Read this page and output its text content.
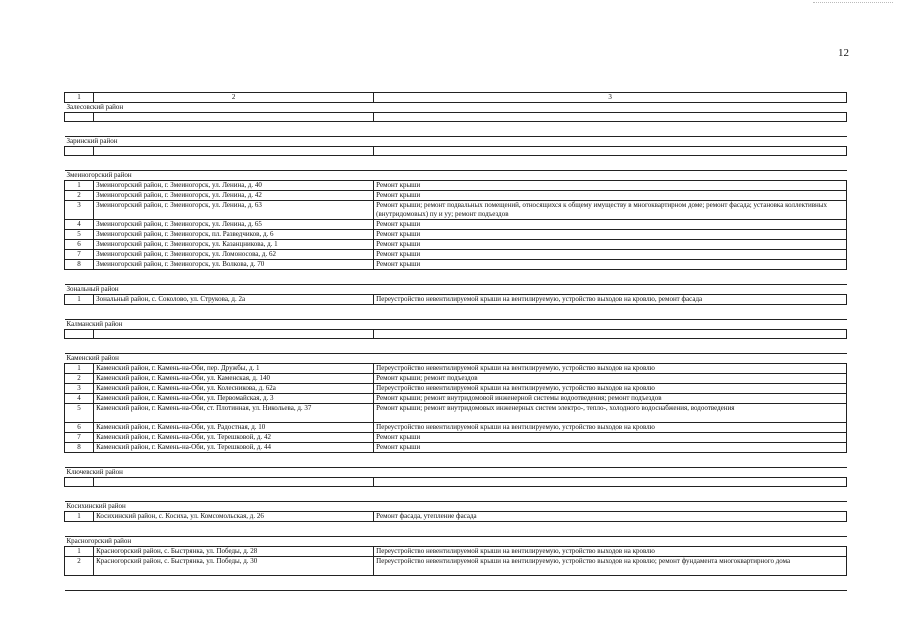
12
1	2	3
Залесовский район		

Заринский район		

Змеиногорский район		
1	Змеиногорский район, г. Змеиногорск, ул. Ленина, д. 40	Ремонт крыши
2	Змеиногорский район, г. Змеиногорск, ул. Ленина, д. 42	Ремонт крыши
3	Змеиногорский район, г. Змеиногорск, ул. Ленина, д. 63	Ремонт крыши; ремонт подвальных помещений, относящихся к общему имуществу в многоквартирном доме; ремонт фасада; установка коллективных (внутридомовых) пу и уу; ремонт подъездов
4	Змеиногорский район, г. Змеиногорск, ул. Ленина, д. 65	Ремонт крыши
5	Змеиногорский район, г. Змеиногорск, пл. Разведчиков, д. 6	Ремонт крыши
6	Змеиногорский район, г. Змеиногорск, ул. Казанцникова, д. 1	Ремонт крыши
7	Змеиногорский район, г. Змеиногорск, ул. Ломоносова, д. 62	Ремонт крыши
8	Змеиногорский район, г. Змеиногорск, ул. Волкова, д. 70	Ремонт крыши

Зональный район		
1	Зональный район, с. Соколово, ул. Струкова, д. 2а	Переустройство невентилируемой крыши на вентилируемую, устройство выходов на кровлю, ремонт фасада

Калманский район		

Каменский район		
1	Каменский район, г. Камень-на-Оби, пер. Дружбы, д. 1	Переустройство невентилируемой крыши на вентилируемую, устройство выходов на кровлю
2	Каменский район, г. Камень-на-Оби, ул. Каменская, д. 140	Ремонт крыши; ремонт подъездов
3	Каменский район, г. Камень-на-Оби, ул. Колесникова, д. 62а	Переустройство невентилируемой крыши на вентилируемую, устройство выходов на кровлю
4	Каменский район, г. Камень-на-Оби, ул. Первомайская, д. 3	Ремонт крыши; ремонт внутридомовой инженерной системы водоотведения; ремонт подъездов
5	Каменский район, г. Камень-на-Оби, ст. Плотинная, ул. Никольева, д. 37	Ремонт крыши; ремонт внутридомовых инженерных систем электро-, тепло-, холодного водоснабжения, водоотведения
6	Каменский район, г. Камень-на-Оби, ул. Радостная, д. 10	Переустройство невентилируемой крыши на вентилируемую, устройство выходов на кровлю
7	Каменский район, г. Камень-на-Оби, ул. Терешковой, д. 42	Ремонт крыши
8	Каменский район, г. Камень-на-Оби, ул. Терешковой, д. 44	Ремонт крыши

Ключевский район		

Косихинский район		
1	Косихинский район, с. Косиха, ул. Комсомольская, д. 26	Ремонт фасада, утепление фасада

Красногорский район		
1	Красногорский район, с. Быстрянка, ул. Победы, д. 28	Переустройство невентилируемой крыши на вентилируемую, устройство выходов на кровлю
2	Красногорский район, с. Быстрянка, ул. Победы, д. 30	Переустройство невентилируемой крыши на вентилируемую, устройство выходов на кровлю; ремонт фундамента многоквартирного дома
